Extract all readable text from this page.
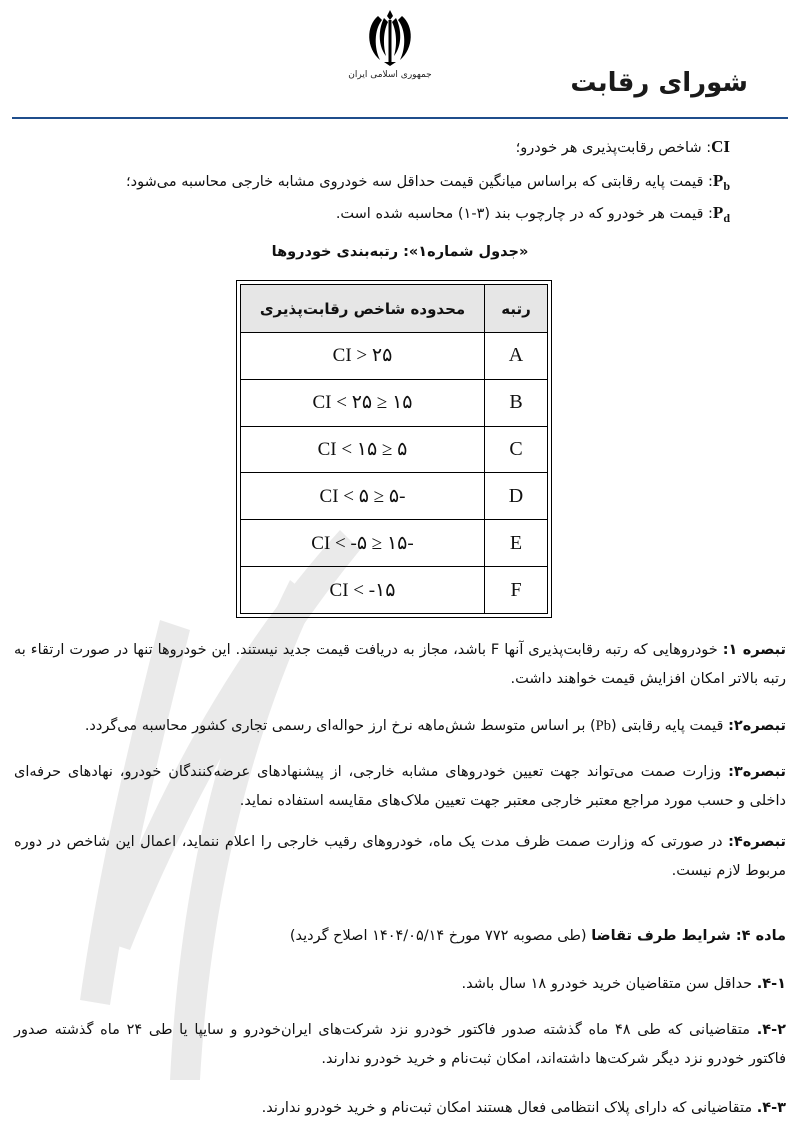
جمهوری اسلامی ایران	شورای رقابت
CI: شاخص رقابت‌پذیری هر خودرو؛
$P_b$: قیمت پایه رقابتی که براساس میانگین قیمت حداقل سه خودروی مشابه خارجی محاسبه می‌شود؛
$P_d$: قیمت هر خودرو که در چارچوب بند (۳-۱) محاسبه شده است.
«جدول شماره۱»: رتبه‌بندی خودروها
رتبه	محدوده شاخص رقابت‌پذیری
A	۲۵ < CI
B	۱۵ ≤ CI < ۲۵
C	۵ ≤ CI < ۱۵
D	-۵ ≤ CI < ۵
E	-۱۵ ≤ CI < -۵
F	CI < -۱۵
تبصره ۱: خودروهایی که رتبه رقابت‌پذیری آنها F باشد، مجاز به دریافت قیمت جدید نیستند. این خودروها تنها در صورت ارتقاء به رتبه بالاتر امکان افزایش قیمت خواهند داشت.
تبصره۲: قیمت پایه رقابتی (Pb) بر اساس متوسط شش‌ماهه نرخ ارز حواله‌ای رسمی تجاری کشور محاسبه می‌گردد.
تبصره۳: وزارت صمت می‌تواند جهت تعیین خودروهای مشابه خارجی، از پیشنهادهای عرضه‌کنندگان خودرو، نهادهای حرفه‌ای داخلی و حسب مورد مراجع معتبر خارجی معتبر جهت تعیین ملاک‌های مقایسه استفاده نماید.
تبصره۴: در صورتی که وزارت صمت ظرف مدت یک ماه، خودروهای رقیب خارجی را اعلام ننماید، اعمال این شاخص در دوره مربوط لازم نیست.
ماده ۴: شرایط طرف تقاضا (طی مصوبه ۷۷۲ مورخ ۱۴۰۴/۰۵/۱۴ اصلاح گردید)
۴-۱. حداقل سن متقاضیان خرید خودرو ۱۸ سال باشد.
۴-۲. متقاضیانی که طی ۴۸ ماه گذشته صدور فاکتور خودرو نزد شرکت‌های ایران‌خودرو و سایپا یا طی ۲۴ ماه گذشته صدور فاکتور خودرو نزد دیگر شرکت‌ها داشته‌اند، امکان ثبت‌نام و خرید خودرو ندارند.
۴-۳. متقاضیانی که دارای پلاک انتظامی فعال هستند امکان ثبت‌نام و خرید خودرو ندارند.
